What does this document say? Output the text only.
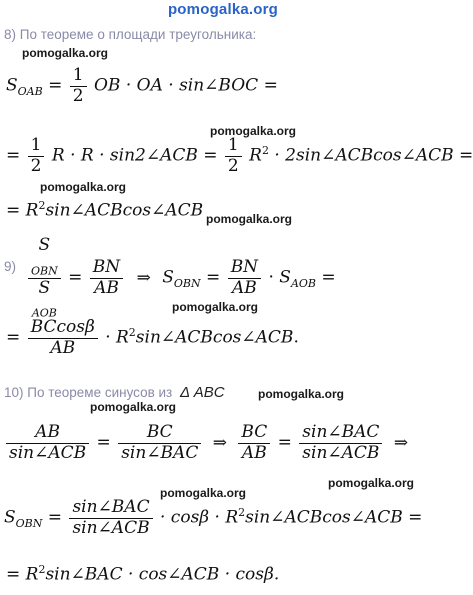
pomogalka.org
8) По теореме о площади треугольника:
pomogalka.org
$S_{OAB} = \frac{1}{2}$ OB · OA · sin∠BOC =
pomogalka.org
= $\frac{1}{2}$ R · R · sin2∠ACB = $\frac{1}{2} R^2$ · 2sin∠ACBcos∠ACB =
pomogalka.org
= $R^2\sin\angle ACBcos\angle ACB$ pomogalka.org
9) S
$_{OBN}$
S
$_{AOB} = \frac{BN}{AB}$ ⇒ $S_{OBN} = \frac{BN}{AB} \cdot S_{AOB}$ =
pomogalka.org
= $\frac{BCcos\beta}{AB}$ · $R^2\sin\angle ACBcos\angle ACB$.
10) По теореме синусов из Δ ABC	pomogalka.org
pomogalka.org
$\frac{AB}{\text{sin∠ACB}} = \frac{BC}{\text{sin∠BAC}}$ ⇒ $\frac{BC}{AB} = \frac{\text{sin∠BAC}}{\text{sin∠ACB}}$ ⇒
pomogalka.org
pomogalka.org
$S_{OBN} = \frac{\text{sin∠BAC}}{\text{sin∠ACB}} \cdot \cos\beta$ · $R^2\sin\angle ACBcos\angle ACB$ =
= $R^2\sin\angle BAC$ · cos∠ACB · cosβ.
